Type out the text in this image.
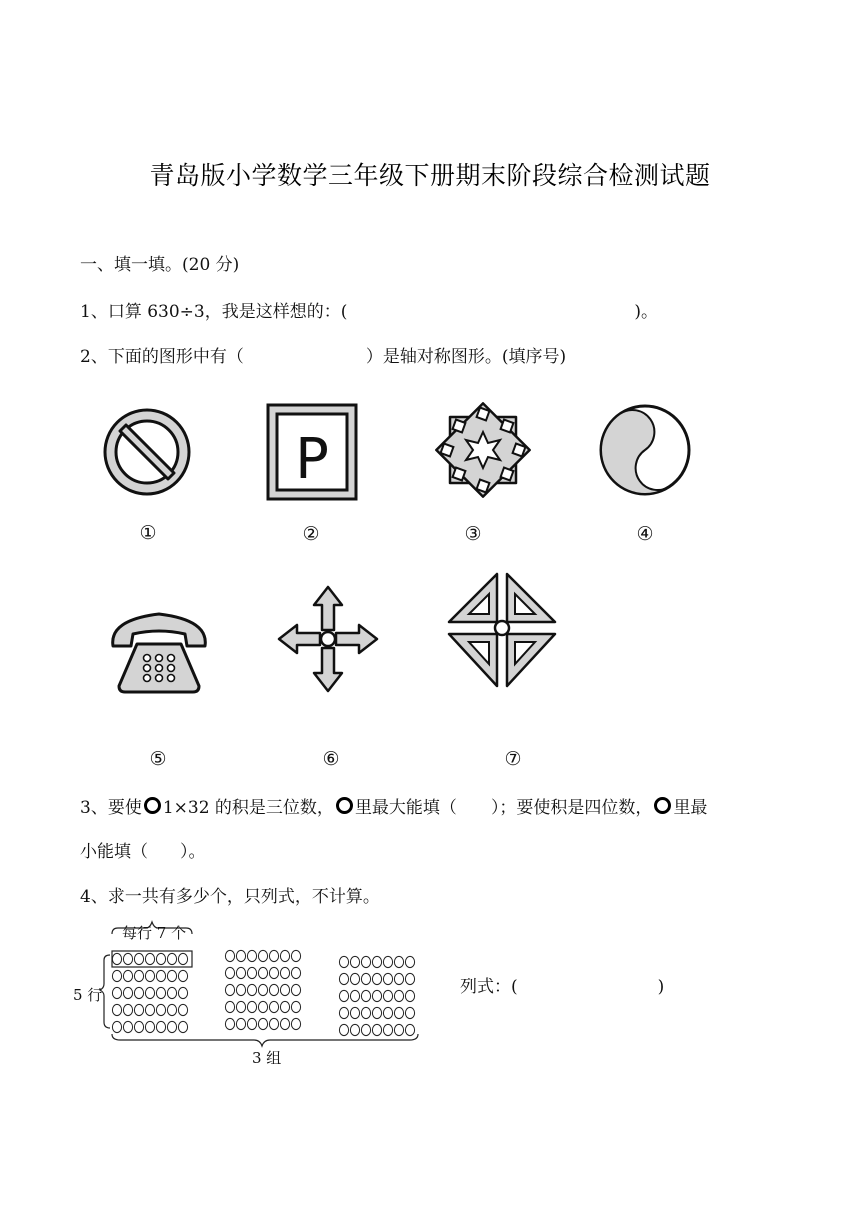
青岛版小学数学三年级下册期末阶段综合检测试题
一、填一填。(20 分)
1、口算 630÷3，我是这样想的：(	)。
2、下面的图形中有（	）是轴对称图形。(填序号)
P
①	②	③	④
⑤	⑥	⑦
3、要使 1×32 的积是三位数， 里最大能填（ ）；要使积是四位数， 里最
小能填（ ）。
4、求一共有多少个，只列式，不计算。
每行 7 个
5 行
3 组
列式：(	)
